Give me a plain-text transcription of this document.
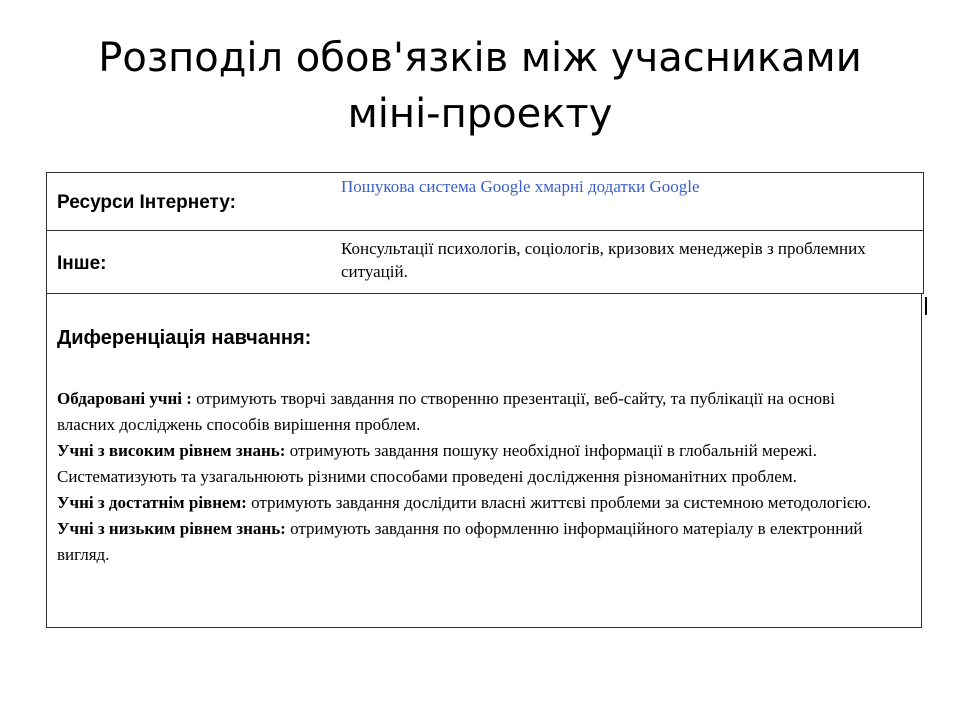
Розподіл обов'язків між учасниками
міні-проекту
Ресурси Інтернету:
Пошукова система Google хмарні додатки Google
Інше:
Консультації психологів, соціологів, кризових менеджерів з проблемних ситуацій.
Диференціація навчання:

Обдаровані учні : отримують творчі завдання по створенню презентації, веб-сайту, та публікації на основі власних досліджень способів вирішення проблем.

Учні з високим рівнем знань: отримують завдання пошуку необхідної інформації в глобальній мережі. Систематизують та узагальнюють різними способами проведені дослідження різноманітних проблем.

Учні з достатнім рівнем: отримують завдання дослідити власні життєві проблеми за системною методологією.

Учні з низьким рівнем знань: отримують завдання по оформленню інформаційного матеріалу в електронний вигляд.
